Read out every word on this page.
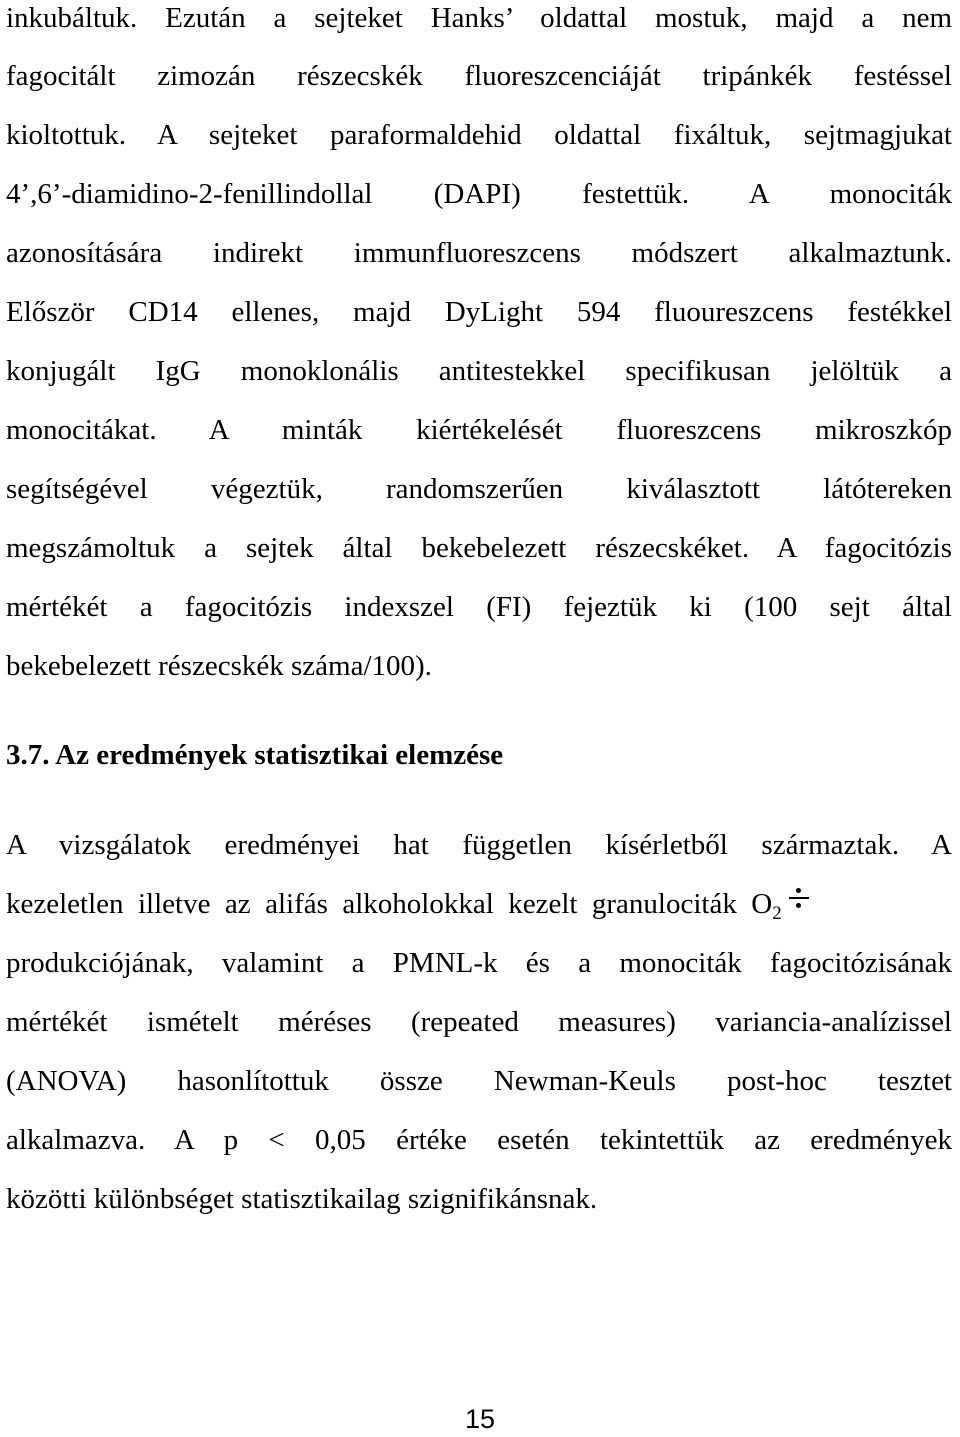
inkubáltuk. Ezután a sejteket Hanks’ oldattal mostuk, majd a nem
fagocitált zimozán részecskék fluoreszcenciáját tripánkék festéssel
kioltottuk. A sejteket paraformaldehid oldattal fixáltuk, sejtmagjukat
4’,6’-diamidino-2-fenillindollal (DAPI) festettük. A monociták
azonosítására indirekt immunfluoreszcens módszert alkalmaztunk.
Először CD14 ellenes, majd DyLight 594 fluoureszcens festékkel
konjugált IgG monoklonális antitestekkel specifikusan jelöltük a
monocitákat. A minták kiértékelését fluoreszcens mikroszkóp
segítségével végeztük, randomszerűen kiválasztott látótereken
megszámoltuk a sejtek által bekebelezett részecskéket. A fagocitózis
mértékét a fagocitózis indexszel (FI) fejeztük ki (100 sejt által
bekebelezett részecskék száma/100).
3.7. Az eredmények statisztikai elemzése
A vizsgálatok eredményei hat független kísérletből származtak. A
kezeletlen illetve az alifás alkoholokkal kezelt granulociták $O_2$
produkciójának, valamint a PMNL-k és a monociták fagocitózisának
mértékét ismételt méréses (repeated measures) variancia-analízissel
(ANOVA) hasonlítottuk össze Newman-Keuls post-hoc tesztet
alkalmazva. A p < 0,05 értéke esetén tekintettük az eredmények
közötti különbséget statisztikailag szignifikánsnak.
15
